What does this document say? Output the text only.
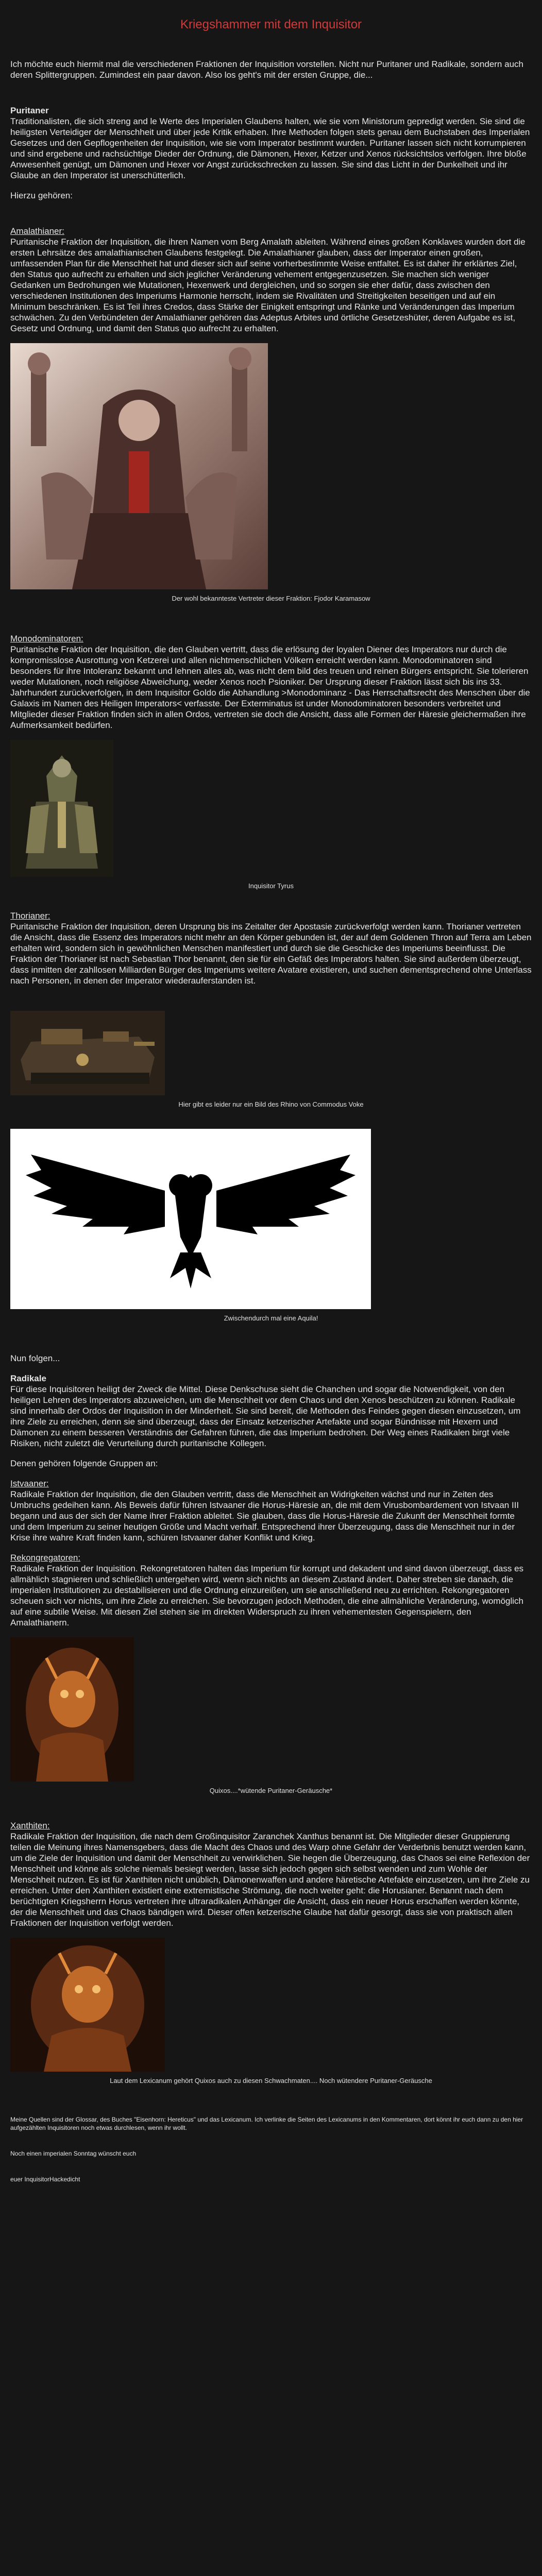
Kriegshammer mit dem Inquisitor

Ich möchte euch hiermit mal die verschiedenen Fraktionen der Inquisition vorstellen. Nicht nur Puritaner und Radikale, sondern auch deren Splittergruppen. Zumindest ein paar davon. Also los geht's mit der ersten Gruppe, die...

Puritaner

Traditionalisten, die sich streng and le Werte des Imperialen Glaubens halten, wie sie vom Ministorum gepredigt werden. Sie sind die heiligsten Verteidiger der Menschheit und über jede Kritik erhaben. Ihre Methoden folgen stets genau dem Buchstaben des Imperialen Gesetzes und den Gepflogenheiten der Inquisition, wie sie vom Imperator bestimmt wurden. Puritaner lassen sich nicht korrumpieren und sind ergebene und rachsüchtige Dieder der Ordnung, die Dämonen, Hexer, Ketzer und Xenos rücksichtslos verfolgen. Ihre bloße Anwesenheit genügt, um Dämonen und Hexer vor Angst zurückschrecken zu lassen. Sie sind das Licht in der Dunkelheit und ihr Glaube an den Imperator ist unerschütterlich.

Hierzu gehören:

Amalathianer:

Puritanische Fraktion der Inquisition, die ihren Namen vom Berg Amalath ableiten. Während eines großen Konklaves wurden dort die ersten Lehrsätze des amalathianischen Glaubens festgelegt. Die Amalathianer glauben, dass der Imperator einen großen, umfassenden Plan für die Menschheit hat und dieser sich auf seine vorherbestimmte Weise entfaltet. Es ist daher ihr erklärtes Ziel, den Status quo aufrecht zu erhalten und sich jeglicher Veränderung vehement entgegenzusetzen. Sie machen sich weniger Gedanken um Bedrohungen wie Mutationen, Hexenwerk und dergleichen, und so sorgen sie eher dafür, dass zwischen den verschiedenen Institutionen des Imperiums Harmonie herrscht, indem sie Rivalitäten und Streitigkeiten beseitigen und auf ein Minimum beschränken. Es ist Teil ihres Credos, dass Stärke der Einigkeit entspringt und Ränke und Veränderungen das Imperium schwächen. Zu den Verbündeten der Amalathianer gehören das Adeptus Arbites und örtliche Gesetzeshüter, deren Aufgabe es ist, Gesetz und Ordnung, und damit den Status quo aufrecht zu erhalten.

Der wohl bekannteste Vertreter dieser Fraktion: Fjodor Karamasow
Monodominatoren:

Puritanische Fraktion der Inquisition, die den Glauben vertritt, dass die erlösung der loyalen Diener des Imperators nur durch die kompromisslose Ausrottung von Ketzerei und allen nichtmenschlichen Völkern erreicht werden kann. Monodominatoren sind besonders für ihre Intoleranz bekannt und lehnen alles ab, was nicht dem bild des treuen und reinen Bürgers entspricht. Sie tolerieren weder Mutationen, noch religiöse Abweichung, weder Xenos noch Psioniker. Der Ursprung dieser Fraktion lässt sich bis ins 33. Jahrhundert zurückverfolgen, in dem Inquisitor Goldo die Abhandlung >Monodominanz - Das Herrschaftsrecht des Menschen über die Galaxis im Namen des Heiligen Imperators< verfasste. Der Exterminatus ist under Monodominatoren besonders verbreitet und Mitglieder dieser Fraktion finden sich in allen Ordos, vertreten sie doch die Ansicht, dass alle Formen der Häresie gleichermaßen ihre Aufmerksamkeit bedürfen.

Inquisitor Tyrus
Thorianer:

Puritanische Fraktion der Inquisition, deren Ursprung bis ins Zeitalter der Apostasie zurückverfolgt werden kann. Thorianer vertreten die Ansicht, dass die Essenz des Imperators nicht mehr an den Körper gebunden ist, der auf dem Goldenen Thron auf Terra am Leben erhalten wird, sondern sich in gewöhnlichen Menschen manifestiert und durch sie die Geschicke des Imperiums beeinflusst. Die Fraktion der Thorianer ist nach Sebastian Thor benannt, den sie für ein Gefäß des Imperators halten. Sie sind außerdem überzeugt, dass inmitten der zahllosen Milliarden Bürger des Imperiums weitere Avatare existieren, und suchen dementsprechend ohne Unterlass nach Personen, in denen der Imperator wiederauferstanden ist.

Hier gibt es leider nur ein Bild des Rhino von Commodus Voke
Zwischendurch mal eine Aquila!

Nun folgen...

Radikale

Für diese Inquisitoren heiligt der Zweck die Mittel. Diese Denkschuse sieht die Chanchen und sogar die Notwendigkeit, von den heiligen Lehren des Imperators abzuweichen, um die Menschheit vor dem Chaos und den Xenos beschützen zu können. Radikale sind innerhalb der Ordos der Inquisition in der Minderheit. Sie sind bereit, die Methoden des Feindes gegen diesen einzusetzen, um ihre Ziele zu erreichen, denn sie sind überzeugt, dass der Einsatz ketzerischer Artefakte und sogar Bündnisse mit Hexern und Dämonen zu einem besseren Verständnis der Gefahren führen, die das Imperium bedrohen. Der Weg eines Radikalen birgt viele Risiken, nicht zuletzt die Verurteilung durch puritanische Kollegen.

Denen gehören folgende Gruppen an:

Istvaaner:

Radikale Fraktion der Inquisition, die den Glauben vertritt, dass die Menschheit an Widrigkeiten wächst und nur in Zeiten des Umbruchs gedeihen kann. Als Beweis dafür führen Istvaaner die Horus-Häresie an, die mit dem Virusbombardement von Istvaan III begann und aus der sich der Name ihrer Fraktion ableitet. Sie glauben, dass die Horus-Häresie die Zukunft der Menschheit formte und dem Imperium zu seiner heutigen Größe und Macht verhalf. Entsprechend ihrer Überzeugung, dass die Menschheit nur in der Krise ihre wahre Kraft finden kann, schüren Istvaaner daher Konflikt und Krieg.

Rekongregatoren:

Radikale Fraktion der Inquisition. Rekongretatoren halten das Imperium für korrupt und dekadent und sind davon überzeugt, dass es allmählich stagnieren und schließlich untergehen wird, wenn sich nichts an diesem Zustand ändert. Daher streben sie danach, die imperialen Institutionen zu destabilisieren und die Ordnung einzureißen, um sie anschließend neu zu errichten. Rekongregatoren scheuen sich vor nichts, um ihre Ziele zu erreichen. Sie bevorzugen jedoch Methoden, die eine allmähliche Veränderung, womöglich auf eine subtile Weise. Mit diesen Ziel stehen sie im direkten Widerspruch zu ihren vehementesten Gegenspielern, den Amalathianern.

Quixos....*wütende Puritaner-Geräusche*
Xanthiten:

Radikale Fraktion der Inquisition, die nach dem Großinquisitor Zaranchek Xanthus benannt ist. Die Mitglieder dieser Gruppierung teilen die Meinung ihres Namensgebers, dass die Macht des Chaos und des Warp ohne Gefahr der Verderbnis benutzt werden kann, um die Ziele der Inquisition und damit der Menschheit zu verwirklichen. Sie hegen die Überzeugung, das Chaos sei eine Reflexion der Menschheit und könne als solche niemals besiegt werden, lasse sich jedoch gegen sich selbst wenden und zum Wohle der Menschheit nutzen. Es ist für Xanthiten nicht unüblich, Dämonenwaffen und andere häretische Artefakte einzusetzen, um ihre Ziele zu erreichen. Unter den Xanthiten existiert eine extremistische Strömung, die noch weiter geht: die Horusianer. Benannt nach dem berüchtigten Kriegsherrn Horus vertreten ihre ultraradikalen Anhänger die Ansicht, dass ein neuer Horus erschaffen werden könnte, der die Menschheit und das Chaos bändigen wird. Dieser offen ketzerische Glaube hat dafür gesorgt, dass sie von praktisch allen Fraktionen der Inquisition verfolgt werden.

Laut dem Lexicanum gehört Quixos auch zu diesen Schwachmaten.... Noch wütendere Puritaner-Geräusche

Meine Quellen sind der Glossar, des Buches "Eisenhorn: Hereticus" und das Lexicanum. Ich verlinke die Seiten des Lexicanums in den Kommentaren, dort könnt ihr euch dann zu den hier aufgezählten Inquisitoren noch etwas durchlesen, wenn ihr wollt.

Noch einen imperialen Sonntag wünscht euch

euer InquisitorHackedicht
